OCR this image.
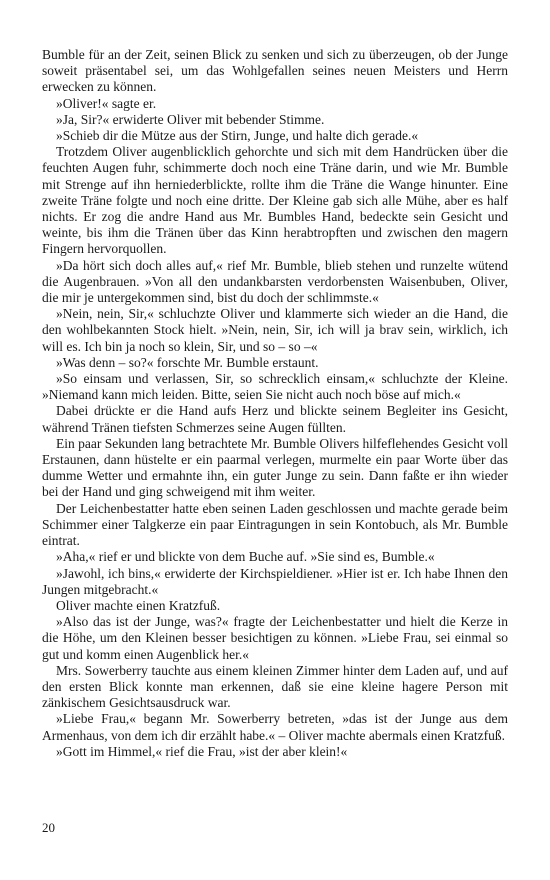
Bumble für an der Zeit, seinen Blick zu senken und sich zu überzeugen, ob der Junge soweit präsentabel sei, um das Wohlgefallen seines neuen Meisters und Herrn erwecken zu können.

»Oliver!« sagte er.

»Ja, Sir?« erwiderte Oliver mit bebender Stimme.

»Schieb dir die Mütze aus der Stirn, Junge, und halte dich gerade.«

Trotzdem Oliver augenblicklich gehorchte und sich mit dem Handrücken über die feuchten Augen fuhr, schimmerte doch noch eine Träne darin, und wie Mr. Bumble mit Strenge auf ihn herniederblickte, rollte ihm die Träne die Wange hinunter. Eine zweite Träne folgte und noch eine dritte. Der Kleine gab sich alle Mühe, aber es half nichts. Er zog die andre Hand aus Mr. Bumbles Hand, bedeckte sein Gesicht und weinte, bis ihm die Tränen über das Kinn herabtropften und zwischen den magern Fingern hervorquollen.

»Da hört sich doch alles auf,« rief Mr. Bumble, blieb stehen und runzelte wütend die Augenbrauen. »Von all den undankbarsten verdorbensten Waisenbuben, Oliver, die mir je untergekommen sind, bist du doch der schlimmste.«

»Nein, nein, Sir,« schluchzte Oliver und klammerte sich wieder an die Hand, die den wohlbekannten Stock hielt. »Nein, nein, Sir, ich will ja brav sein, wirklich, ich will es. Ich bin ja noch so klein, Sir, und so – so –«

»Was denn – so?« forschte Mr. Bumble erstaunt.

»So einsam und verlassen, Sir, so schrecklich einsam,« schluchzte der Kleine. »Niemand kann mich leiden. Bitte, seien Sie nicht auch noch böse auf mich.«

Dabei drückte er die Hand aufs Herz und blickte seinem Begleiter ins Gesicht, während Tränen tiefsten Schmerzes seine Augen füllten.

Ein paar Sekunden lang betrachtete Mr. Bumble Olivers hilfeflehendes Gesicht voll Erstaunen, dann hüstelte er ein paarmal verlegen, murmelte ein paar Worte über das dumme Wetter und ermahnte ihn, ein guter Junge zu sein. Dann faßte er ihn wieder bei der Hand und ging schweigend mit ihm weiter.

Der Leichenbestatter hatte eben seinen Laden geschlossen und machte gerade beim Schimmer einer Talgkerze ein paar Eintragungen in sein Kontobuch, als Mr. Bumble eintrat.

»Aha,« rief er und blickte von dem Buche auf. »Sie sind es, Bumble.«

»Jawohl, ich bins,« erwiderte der Kirchspieldiener. »Hier ist er. Ich habe Ihnen den Jungen mitgebracht.«

Oliver machte einen Kratzfuß.

»Also das ist der Junge, was?« fragte der Leichenbestatter und hielt die Kerze in die Höhe, um den Kleinen besser besichtigen zu können. »Liebe Frau, sei einmal so gut und komm einen Augenblick her.«

Mrs. Sowerberry tauchte aus einem kleinen Zimmer hinter dem Laden auf, und auf den ersten Blick konnte man erkennen, daß sie eine kleine hagere Person mit zänkischem Gesichtsausdruck war.

»Liebe Frau,« begann Mr. Sowerberry betreten, »das ist der Junge aus dem Armenhaus, von dem ich dir erzählt habe.« – Oliver machte abermals einen Kratzfuß.

»Gott im Himmel,« rief die Frau, »ist der aber klein!«

20
